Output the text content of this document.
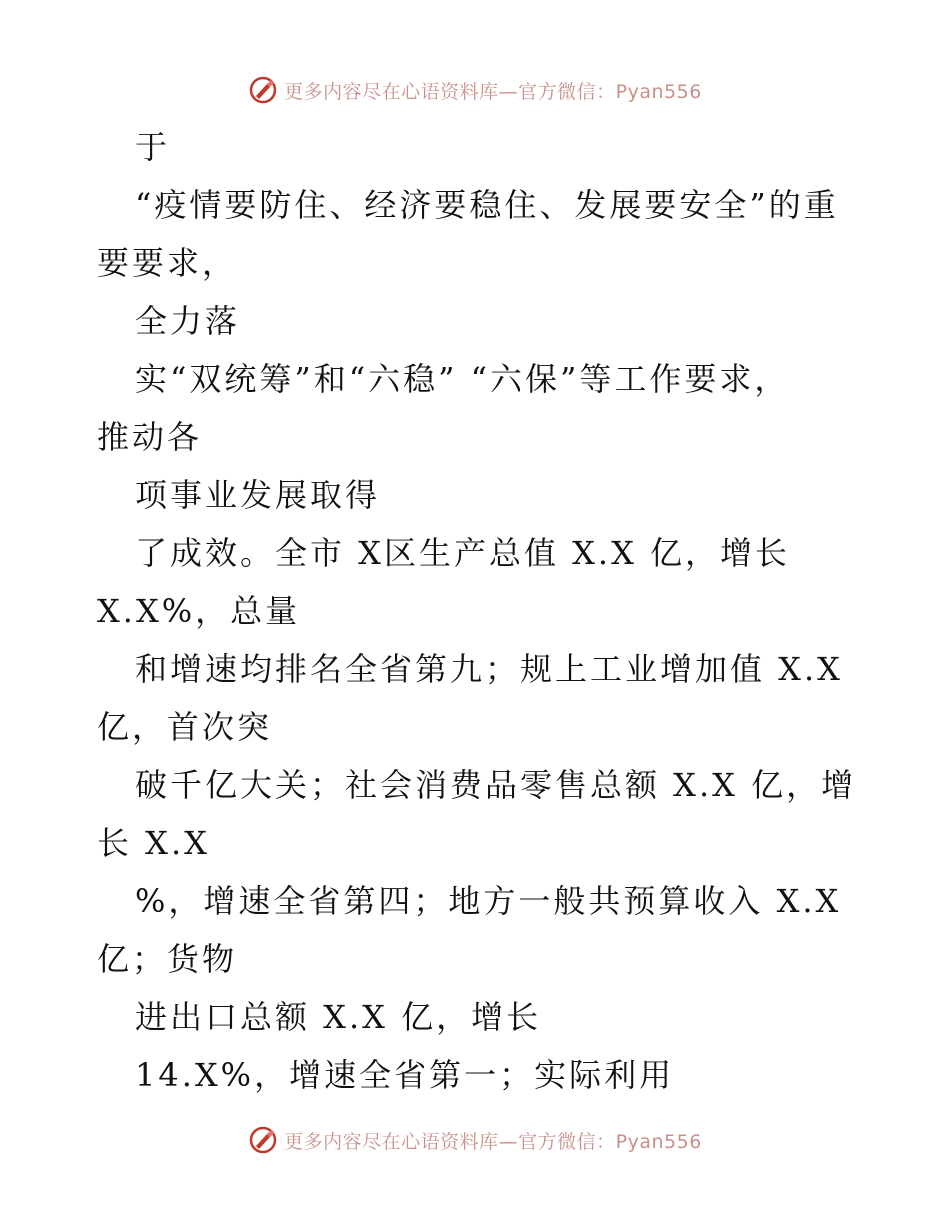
更多内容尽在心语资料库—官方微信：Pyan556
于
“疫情要防住、经济要稳住、发展要安全”的重
要要求，
全力落
实“双统筹”和“六稳” “六保”等工作要求，
推动各
项事业发展取得
了成效。全市 X区生产总值 X.X 亿，增长
X.X%，总量
和增速均排名全省第九；规上工业增加值 X.X
亿，首次突
破千亿大关；社会消费品零售总额 X.X 亿，增
长 X.X
%，增速全省第四；地方一般共预算收入 X.X
亿；货物
进出口总额 X.X 亿，增长
14.X%，增速全省第一；实际利用
更多内容尽在心语资料库—官方微信：Pyan556
